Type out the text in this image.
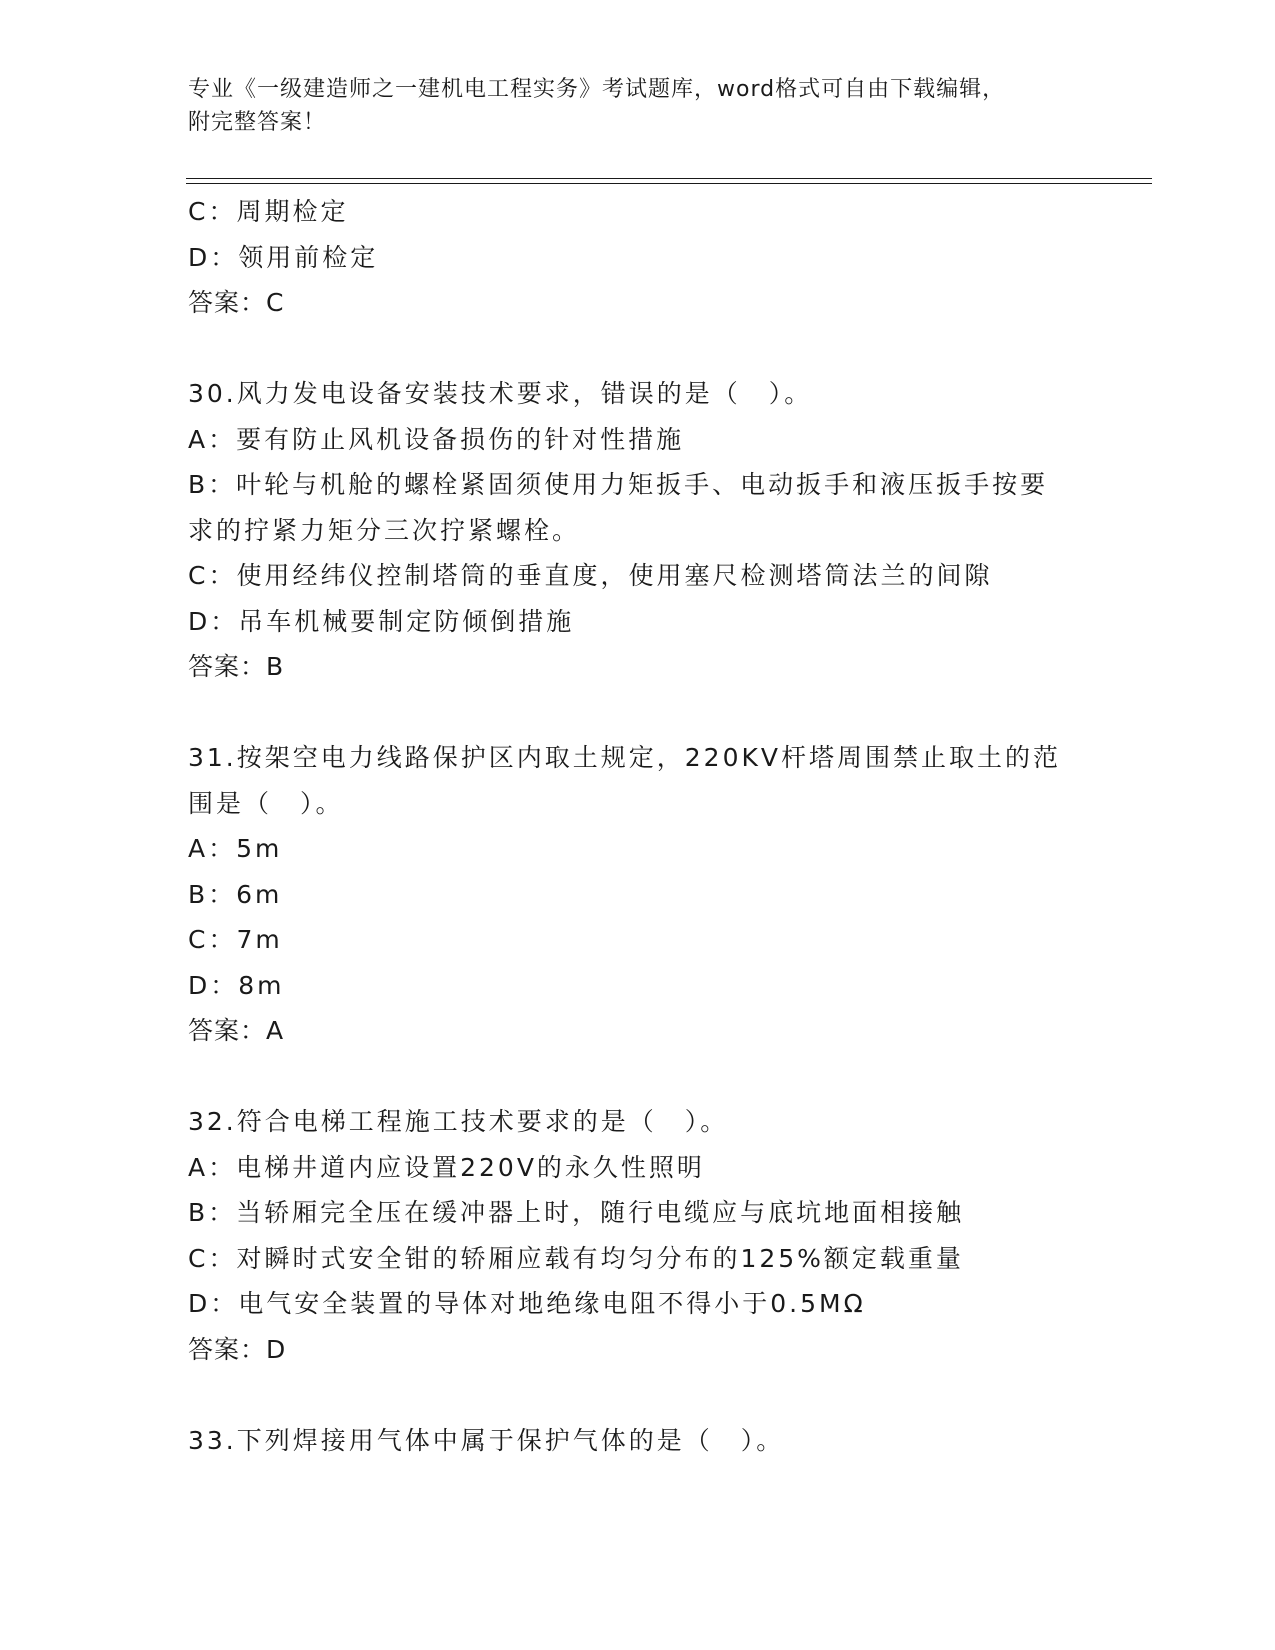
专业《一级建造师之一建机电工程实务》考试题库，word格式可自由下载编辑，
附完整答案！
C：周期检定
D：领用前检定
答案：C
30.风力发电设备安装技术要求，错误的是（　）。
A：要有防止风机设备损伤的针对性措施
B：叶轮与机舱的螺栓紧固须使用力矩扳手、电动扳手和液压扳手按要
求的拧紧力矩分三次拧紧螺栓。
C：使用经纬仪控制塔筒的垂直度，使用塞尺检测塔筒法兰的间隙
D：吊车机械要制定防倾倒措施
答案：B
31.按架空电力线路保护区内取土规定，220KV杆塔周围禁止取土的范
围是（　）。
A：5m
B：6m
C：7m
D：8m
答案：A
32.符合电梯工程施工技术要求的是（　）。
A：电梯井道内应设置220V的永久性照明
B：当轿厢完全压在缓冲器上时，随行电缆应与底坑地面相接触
C：对瞬时式安全钳的轿厢应载有均匀分布的125%额定载重量
D：电气安全装置的导体对地绝缘电阻不得小于0.5MΩ
答案：D
33.下列焊接用气体中属于保护气体的是（　）。
